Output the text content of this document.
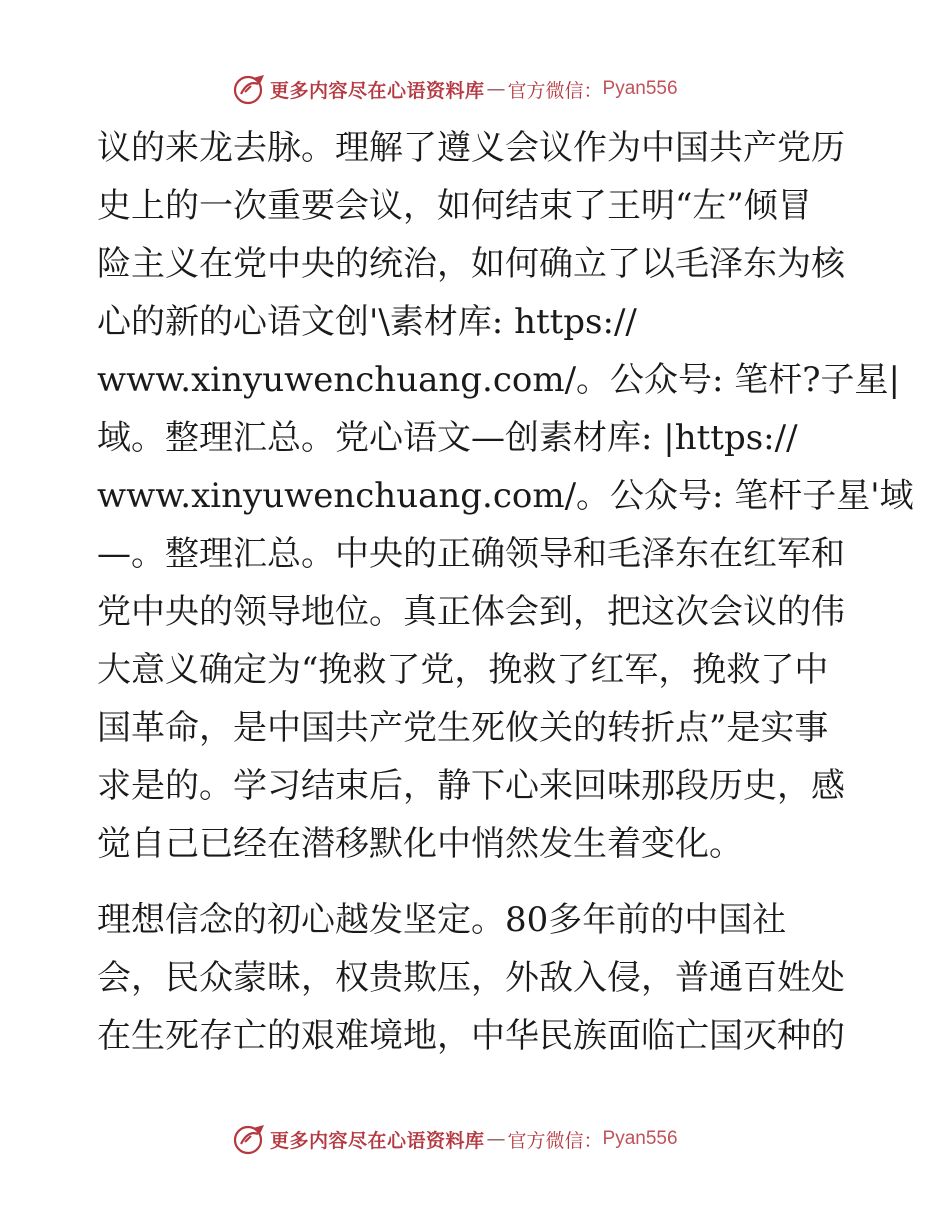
更多内容尽在心语资料库 — 官方微信： Pyan556
议的来龙去脉。理解了遵义会议作为中国共产党历
史上的一次重要会议，如何结束了王明“左”倾冒
险主义在党中央的统治，如何确立了以毛泽东为核
心的新的心语文创'\素材库: https://
www.xinyuwenchuang.com/。公众号: 笔杆?子星|
域。整理汇总。党心语文—创素材库: |https://
www.xinyuwenchuang.com/。公众号: 笔杆子星'域
—。整理汇总。中央的正确领导和毛泽东在红军和
党中央的领导地位。真正体会到，把这次会议的伟
大意义确定为“挽救了党，挽救了红军，挽救了中
国革命，是中国共产党生死攸关的转折点”是实事
求是的。学习结束后，静下心来回味那段历史，感
觉自己已经在潜移默化中悄然发生着变化。
理想信念的初心越发坚定。80多年前的中国社
会，民众蒙昧，权贵欺压，外敌入侵，普通百姓处
在生死存亡的艰难境地，中华民族面临亡国灭种的
更多内容尽在心语资料库 — 官方微信： Pyan556
